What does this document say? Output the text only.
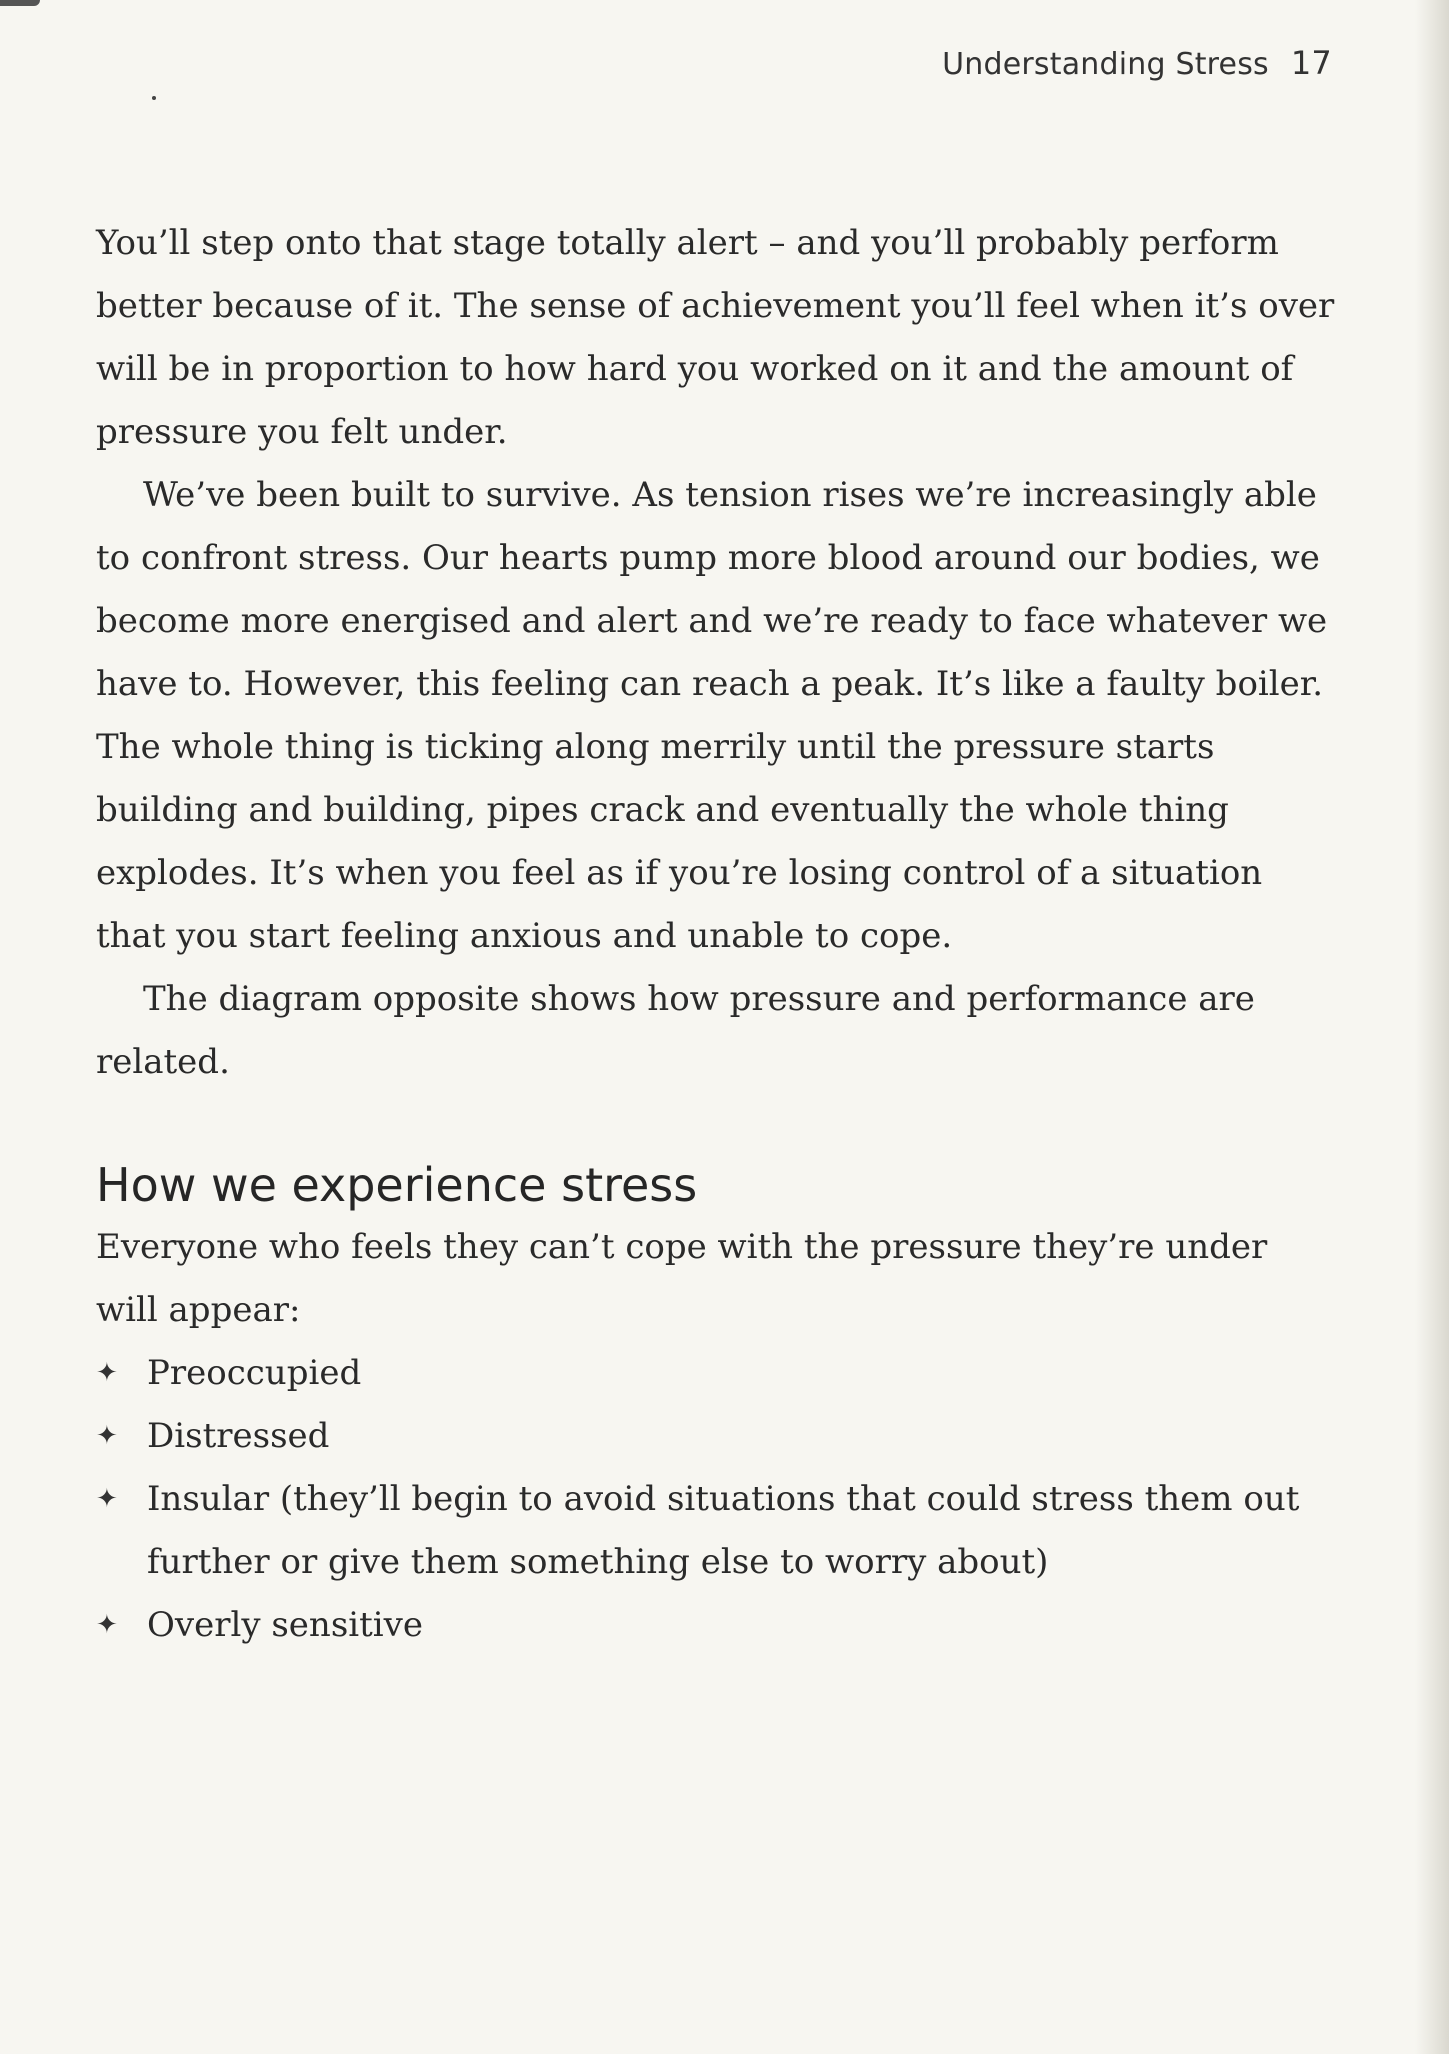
Understanding Stress 17

You’ll step onto that stage totally alert – and you’ll probably perform better because of it. The sense of achievement you’ll feel when it’s over will be in proportion to how hard you worked on it and the amount of pressure you felt under.

We’ve been built to survive. As tension rises we’re increasingly able to confront stress. Our hearts pump more blood around our bodies, we become more energised and alert and we’re ready to face whatever we have to. However, this feeling can reach a peak. It’s like a faulty boiler. The whole thing is ticking along merrily until the pressure starts building and building, pipes crack and eventually the whole thing explodes. It’s when you feel as if you’re losing control of a situation that you start feeling anxious and unable to cope.

The diagram opposite shows how pressure and performance are related.

How we experience stress

Everyone who feels they can’t cope with the pressure they’re under will appear:

✦ Preoccupied
✦ Distressed
✦ Insular (they’ll begin to avoid situations that could stress them out further or give them something else to worry about)
✦ Overly sensitive
